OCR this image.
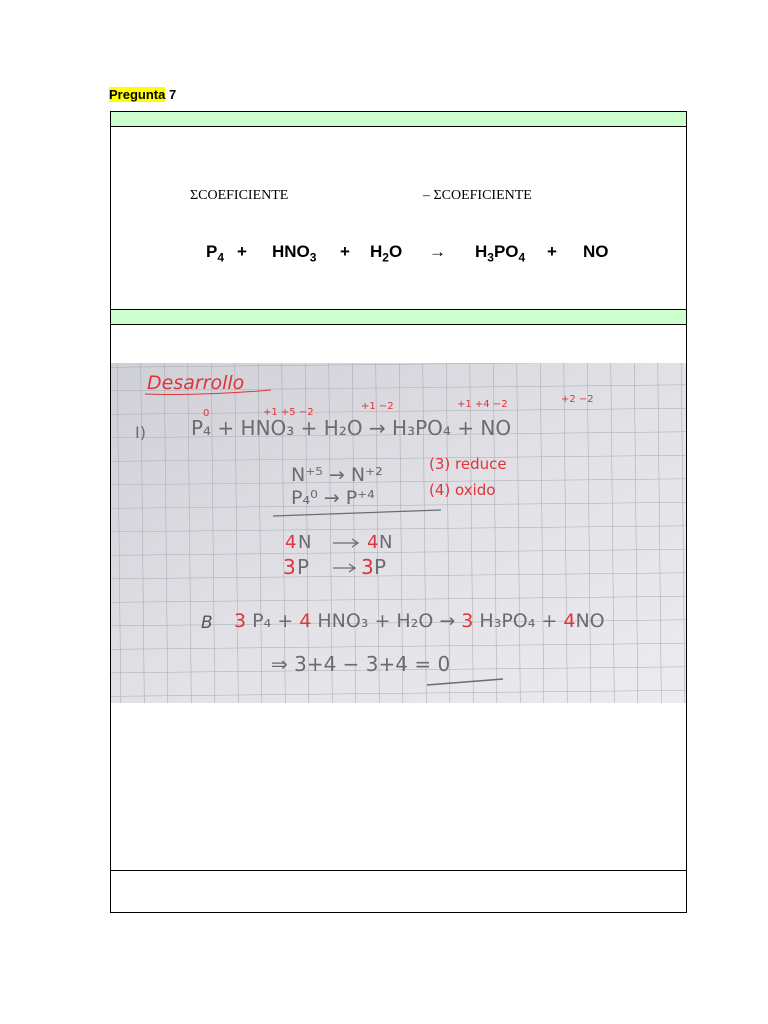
Pregunta 7
ΣCOEFICIENTE	– ΣCOEFICIENTE
$P_4 + HNO_3 + H_2O \to H_3PO_4$ + NO
Desarrollo
I) P₄ + HNO₃ + H₂O → H₃PO₄ + NO
0	+1 +5 −2
+1 −2	+1 +4 −2	+2 −2
N⁺⁵ → N⁺²	(3) reduce
P₄⁰ → P⁺⁴	(4) oxido
4 N	4 N
3 P	3 P
B 3 P₄ + 4 HNO₃ + H₂O → 3 H₃PO₄ + 4NO
⇒ 3+4 − 3+4 = 0
